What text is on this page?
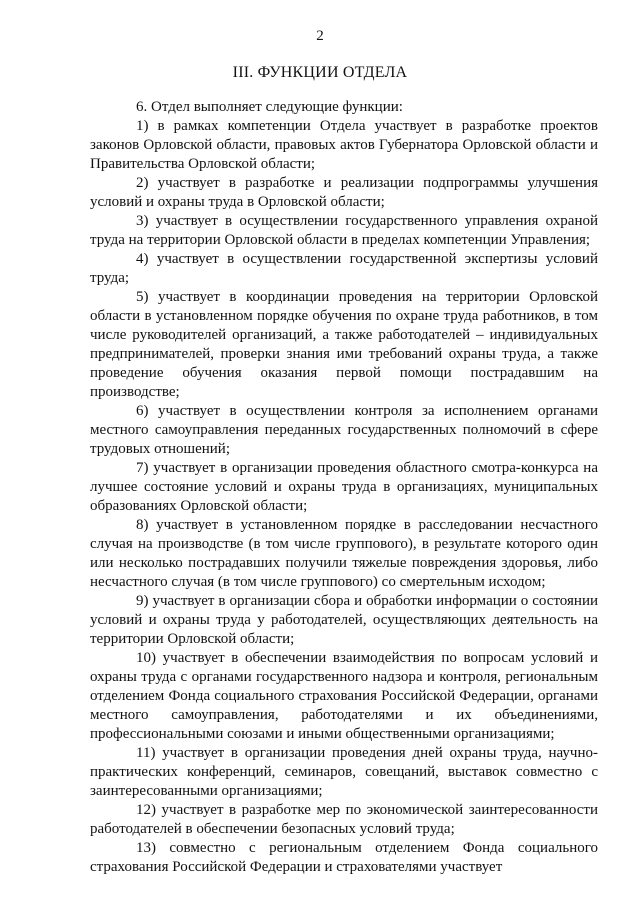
2
III. ФУНКЦИИ ОТДЕЛА

6. Отдел выполняет следующие функции:

1) в рамках компетенции Отдела участвует в разработке проектов законов Орловской области, правовых актов Губернатора Орловской области и Правительства Орловской области;

2) участвует в разработке и реализации подпрограммы улучшения условий и охраны труда в Орловской области;

3) участвует в осуществлении государственного управления охраной труда на территории Орловской области в пределах компетенции Управления;

4) участвует в осуществлении государственной экспертизы условий труда;

5) участвует в координации проведения на территории Орловской области в установленном порядке обучения по охране труда работников, в том числе руководителей организаций, а также работодателей – индивидуальных предпринимателей, проверки знания ими требований охраны труда, а также проведение обучения оказания первой помощи пострадавшим на производстве;

6) участвует в осуществлении контроля за исполнением органами местного самоуправления переданных государственных полномочий в сфере трудовых отношений;

7) участвует в организации проведения областного смотра-конкурса на лучшее состояние условий и охраны труда в организациях, муниципальных образованиях Орловской области;

8) участвует в установленном порядке в расследовании несчастного случая на производстве (в том числе группового), в результате которого один или несколько пострадавших получили тяжелые повреждения здоровья, либо несчастного случая (в том числе группового) со смертельным исходом;

9) участвует в организации сбора и обработки информации о состоянии условий и охраны труда у работодателей, осуществляющих деятельность на территории Орловской области;

10) участвует в обеспечении взаимодействия по вопросам условий и охраны труда с органами государственного надзора и контроля, региональным отделением Фонда социального страхования Российской Федерации, органами местного самоуправления, работодателями и их объединениями, профессиональными союзами и иными общественными организациями;

11) участвует в организации проведения дней охраны труда, научно-практических конференций, семинаров, совещаний, выставок совместно с заинтересованными организациями;

12) участвует в разработке мер по экономической заинтересованности работодателей в обеспечении безопасных условий труда;

13) совместно с региональным отделением Фонда социального страхования Российской Федерации и страхователями участвует
